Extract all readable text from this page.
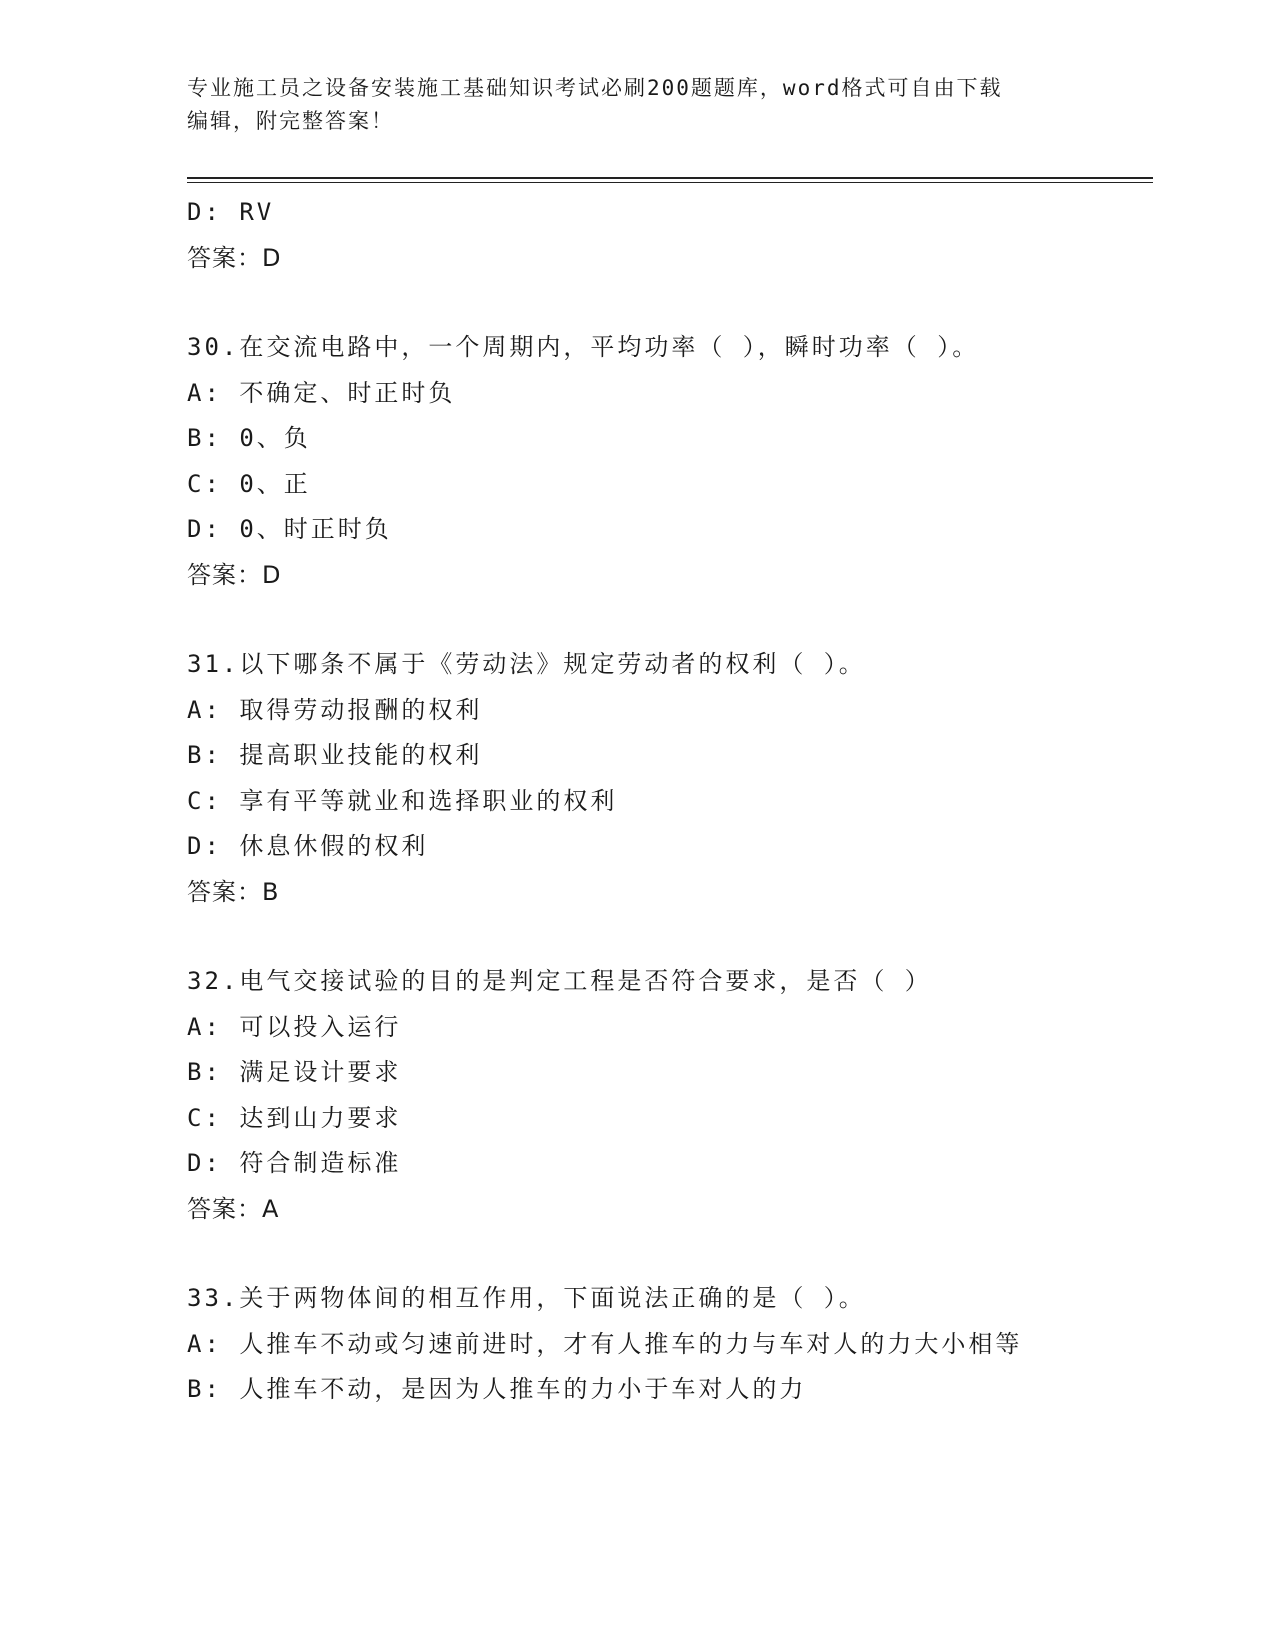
专业施工员之设备安装施工基础知识考试必刷200题题库，word格式可自由下载
编辑，附完整答案！
D: RV
答案：D
30.在交流电路中，一个周期内，平均功率（ ），瞬时功率（ ）。
A: 不确定、时正时负
B: 0、负
C: 0、正
D: 0、时正时负
答案：D
31.以下哪条不属于《劳动法》规定劳动者的权利（ ）。
A: 取得劳动报酬的权利
B: 提高职业技能的权利
C: 享有平等就业和选择职业的权利
D: 休息休假的权利
答案：B
32.电气交接试验的目的是判定工程是否符合要求，是否（ ）
A: 可以投入运行
B: 满足设计要求
C: 达到山力要求
D: 符合制造标准
答案：A
33.关于两物体间的相互作用，下面说法正确的是（ ）。
A: 人推车不动或匀速前进时，才有人推车的力与车对人的力大小相等
B: 人推车不动，是因为人推车的力小于车对人的力
